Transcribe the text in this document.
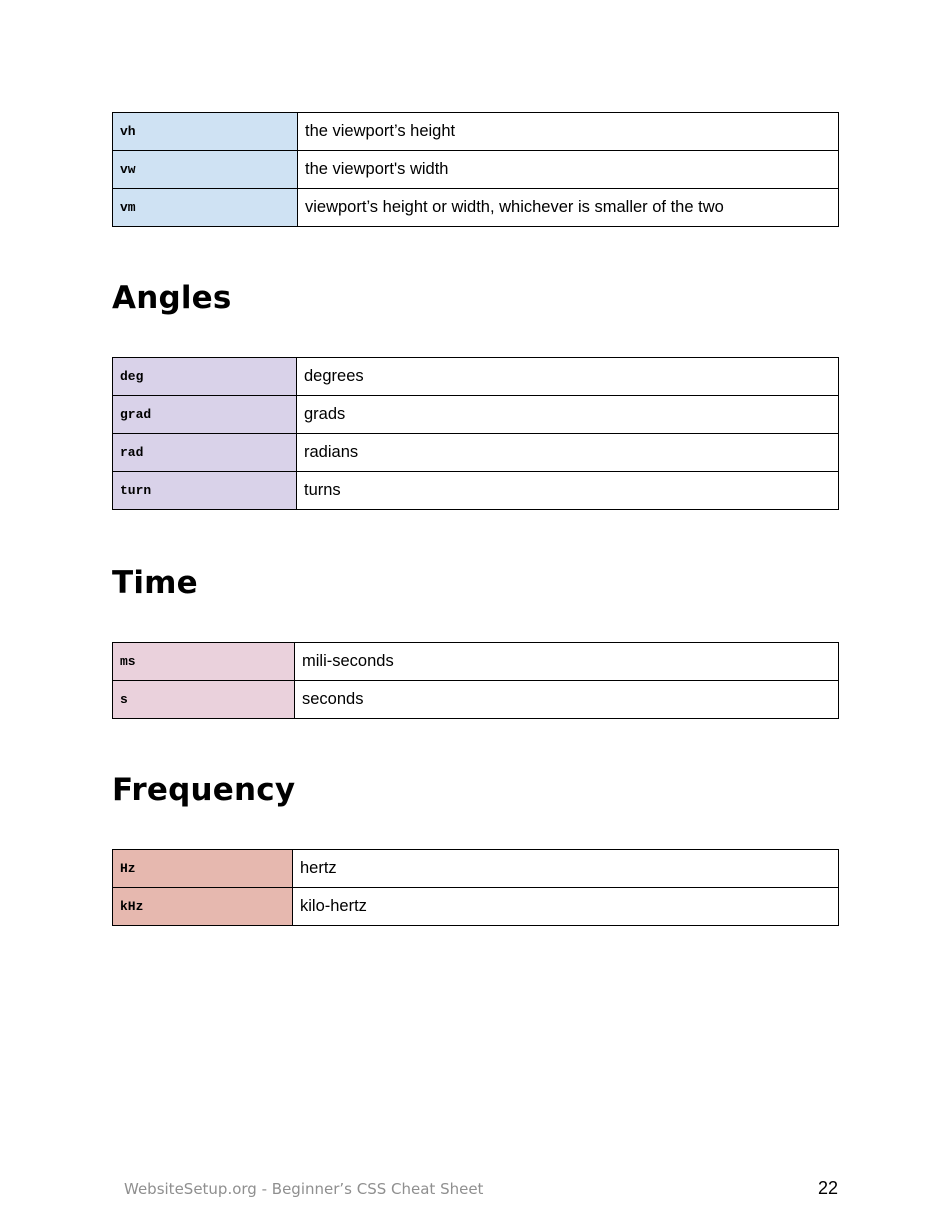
vh	the viewport’s height
vw	the viewport's width
vm	viewport’s height or width, whichever is smaller of the two
Angles
deg	degrees
grad	grads
rad	radians
turn	turns
Time
ms	mili-seconds
s	seconds
Frequency
Hz	hertz
kHz	kilo-hertz
WebsiteSetup.org - Beginner’s CSS Cheat Sheet	22
